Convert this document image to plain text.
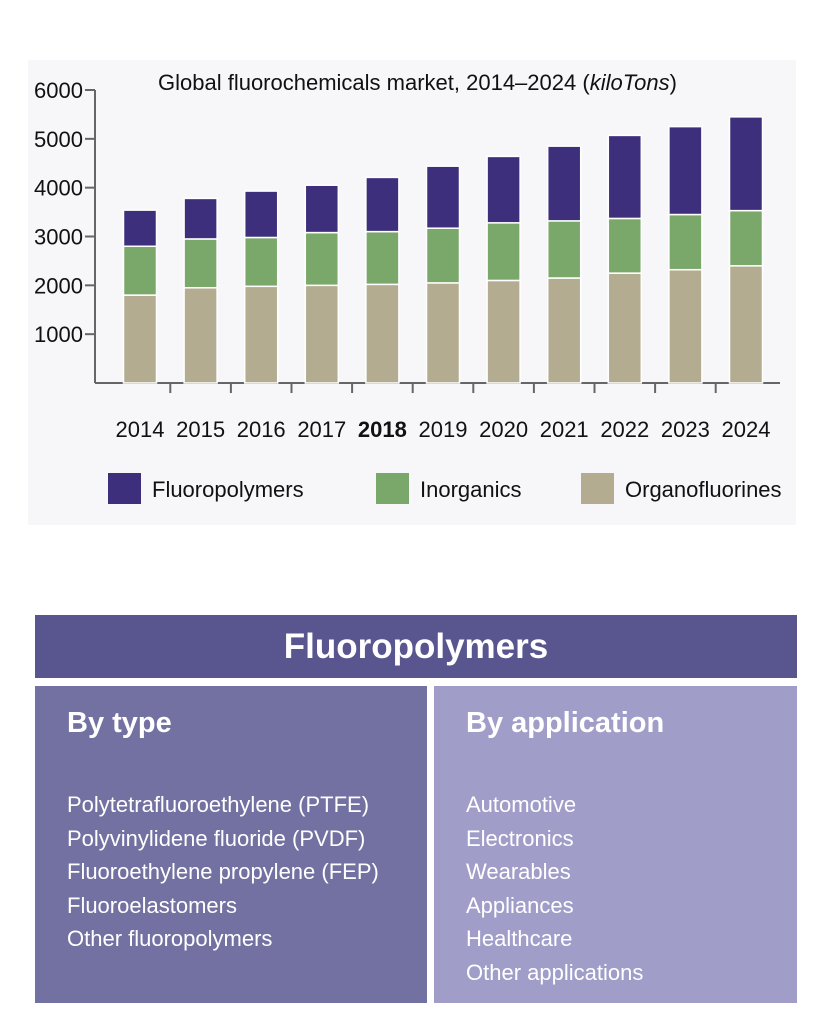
Global fluorochemicals market, 2014–2024 (kiloTons)
2014 2015 2016 2017 2018 2019 2020 2021 2022 2023 2024
1000
2000
3000
4000
5000
6000
Fluoropolymers	Inorganics	Organofluorines
Fluoropolymers
By type
Polytetrafluoroethylene (PTFE)
Polyvinylidene fluoride (PVDF)
Fluoroethylene propylene (FEP)
Fluoroelastomers
Other fluoropolymers
By application
Automotive
Electronics
Wearables
Appliances
Healthcare
Other applications
